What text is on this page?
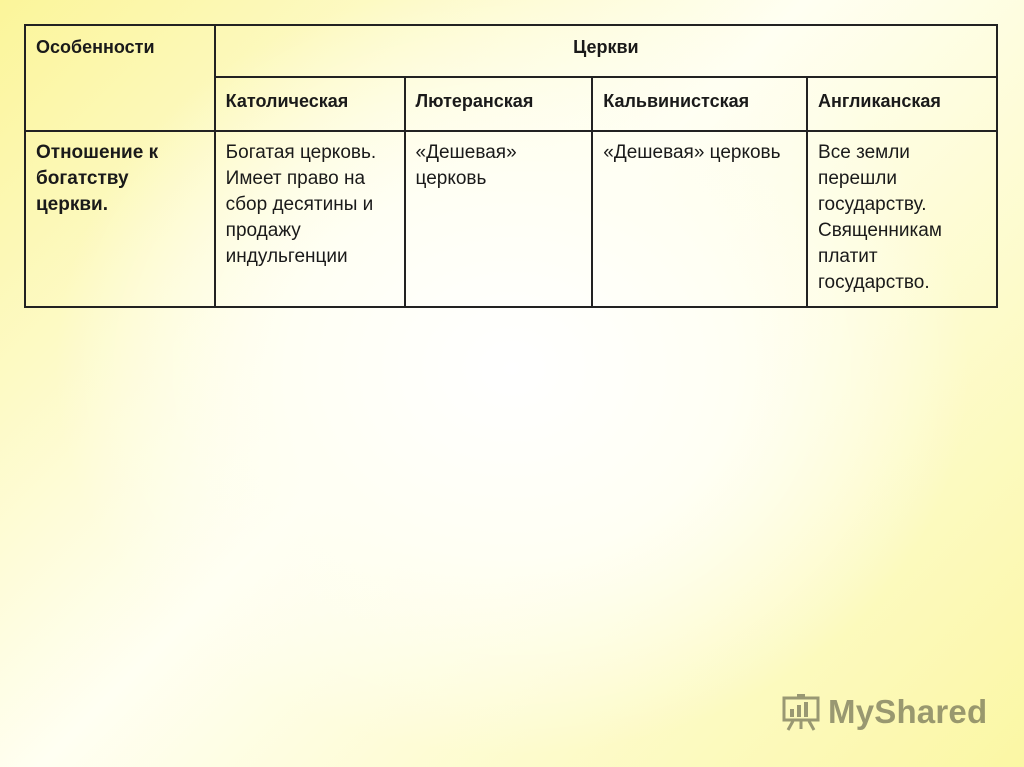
Особенности	Церкви			
	Католическая	Лютеранская	Кальвинистская	Англиканская
Отношение к богатству церкви.	Богатая церковь. Имеет право на сбор десятины и продажу индульгенции	«Дешевая» церковь	«Дешевая» церковь	Все земли перешли государству. Священникам платит государство.
MyShared
